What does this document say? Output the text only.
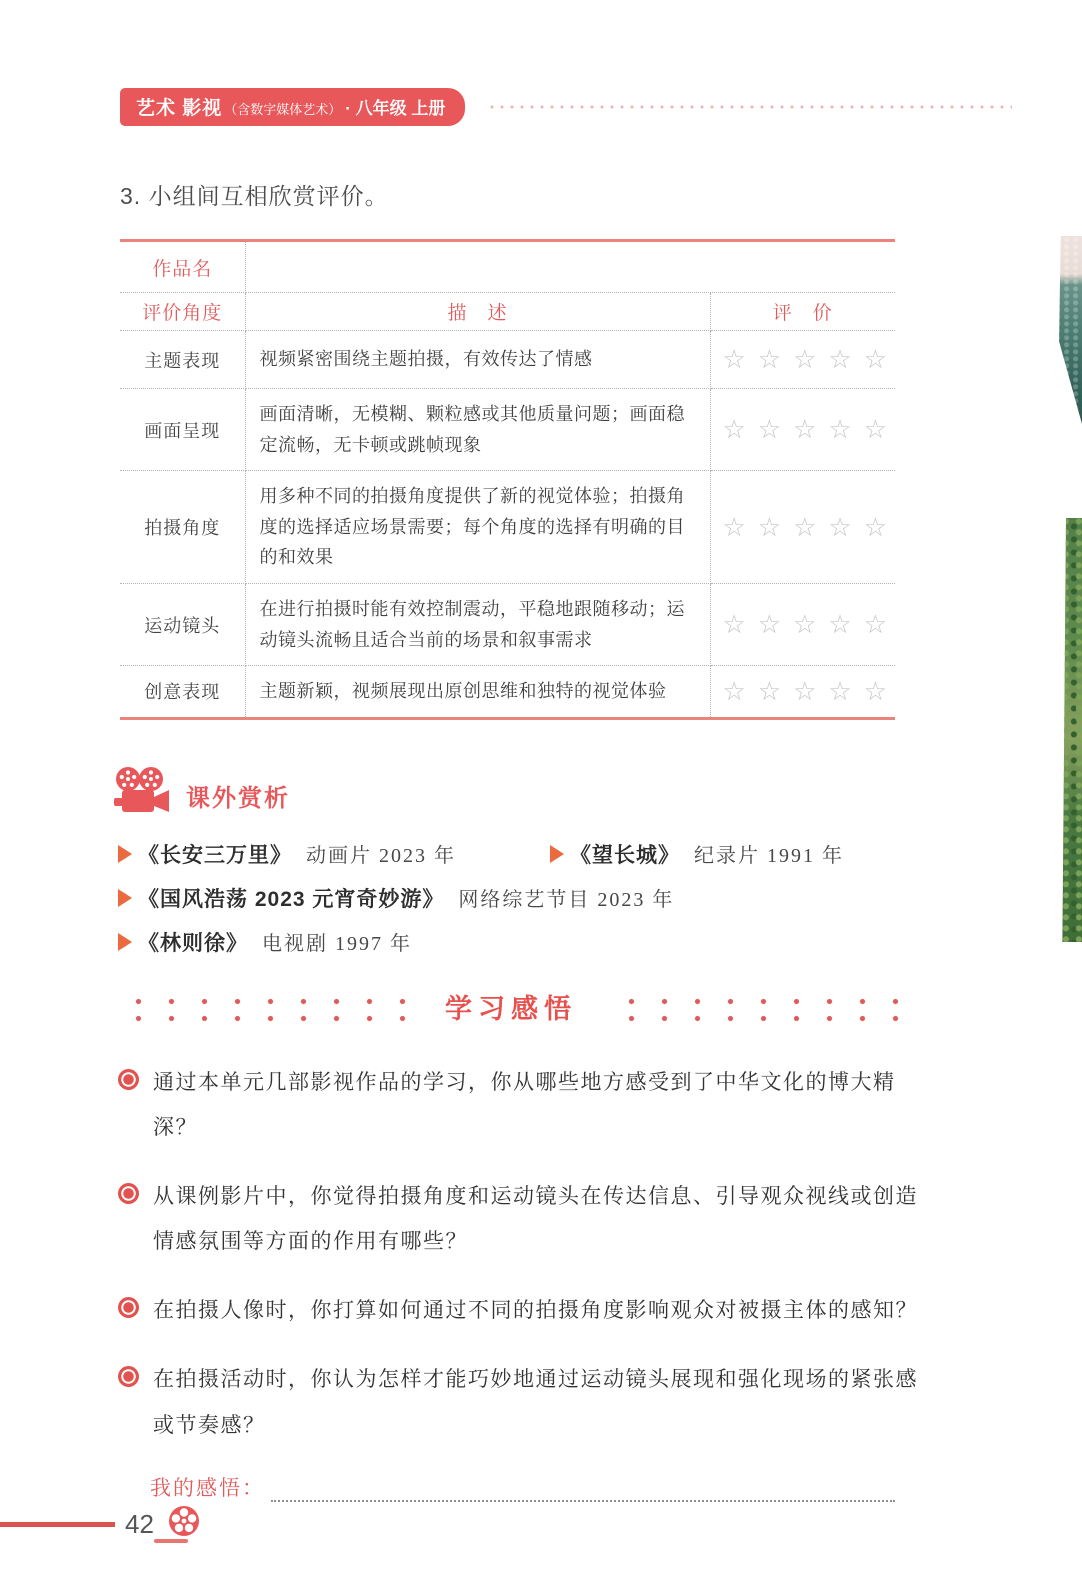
艺术 影视 （含数字媒体艺术） · 八年级 上册
3. 小组间互相欣赏评价。
作品名		
评价角度	描　述	评　价
主题表现	视频紧密围绕主题拍摄，有效传达了情感	☆☆☆☆☆
画面呈现	画面清晰，无模糊、颗粒感或其他质量问题；画面稳定流畅，无卡顿或跳帧现象	☆☆☆☆☆
拍摄角度	用多种不同的拍摄角度提供了新的视觉体验；拍摄角度的选择适应场景需要；每个角度的选择有明确的目的和效果	☆☆☆☆☆
运动镜头	在进行拍摄时能有效控制震动，平稳地跟随移动；运动镜头流畅且适合当前的场景和叙事需求	☆☆☆☆☆
创意表现	主题新颖，视频展现出原创思维和独特的视觉体验	☆☆☆☆☆
课外赏析
《长安三万里》 动画片 2023 年	《望长城》 纪录片 1991 年
《国风浩荡 2023 元宵奇妙游》 网络综艺节目 2023 年
《林则徐》 电视剧 1997 年
学习感悟
通过本单元几部影视作品的学习，你从哪些地方感受到了中华文化的博大精深？
从课例影片中，你觉得拍摄角度和运动镜头在传达信息、引导观众视线或创造情感氛围等方面的作用有哪些？
在拍摄人像时，你打算如何通过不同的拍摄角度影响观众对被摄主体的感知？
在拍摄活动时，你认为怎样才能巧妙地通过运动镜头展现和强化现场的紧张感或节奏感？
我的感悟：
42
